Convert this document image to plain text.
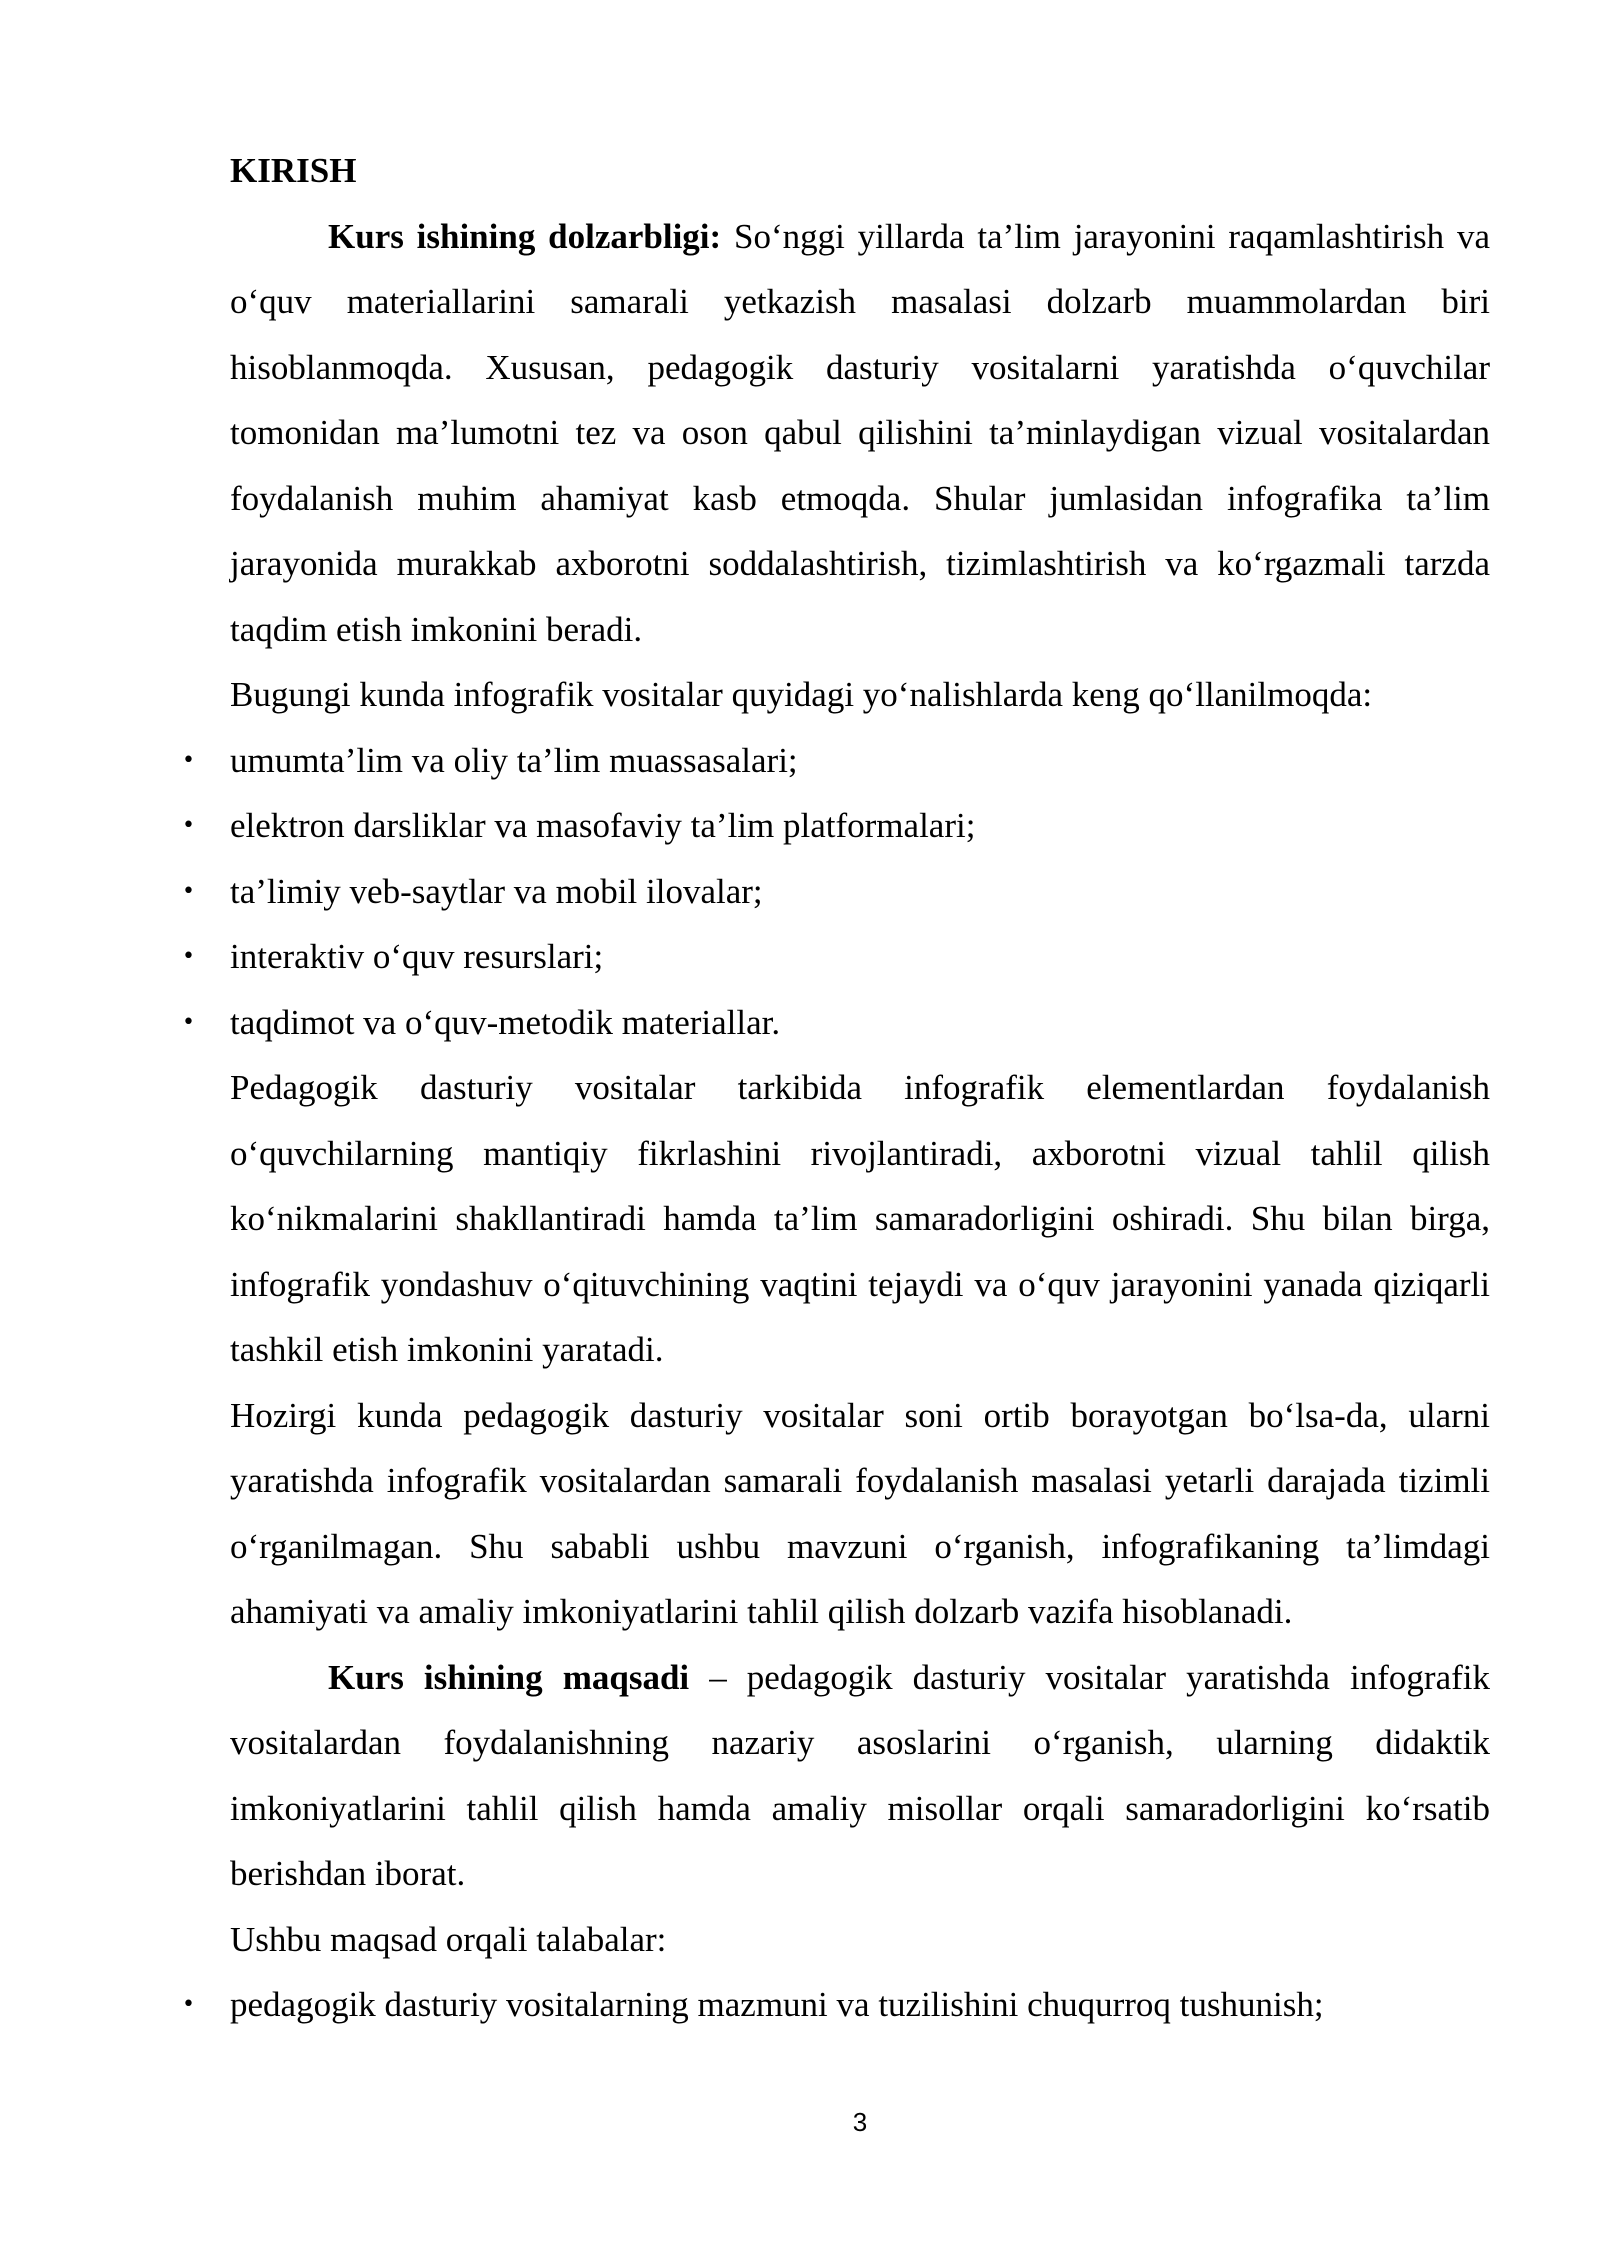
KIRISH

Kurs ishining dolzarbligi: So‘nggi yillarda ta’lim jarayonini raqamlashtirish va o‘quv materiallarini samarali yetkazish masalasi dolzarb muammolardan biri hisoblanmoqda. Xususan, pedagogik dasturiy vositalarni yaratishda o‘quvchilar tomonidan ma’lumotni tez va oson qabul qilishini ta’minlaydigan vizual vositalardan foydalanish muhim ahamiyat kasb etmoqda. Shular jumlasidan infografika ta’lim jarayonida murakkab axborotni soddalashtirish, tizimlashtirish va ko‘rgazmali tarzda taqdim etish imkonini beradi.

Bugungi kunda infografik vositalar quyidagi yo‘nalishlarda keng qo‘llanilmoqda:

• umumta’lim va oliy ta’lim muassasalari;
• elektron darsliklar va masofaviy ta’lim platformalari;
• ta’limiy veb-saytlar va mobil ilovalar;
• interaktiv o‘quv resurslari;
• taqdimot va o‘quv-metodik materiallar.

Pedagogik dasturiy vositalar tarkibida infografik elementlardan foydalanish o‘quvchilarning mantiqiy fikrlashini rivojlantiradi, axborotni vizual tahlil qilish ko‘nikmalarini shakllantiradi hamda ta’lim samaradorligini oshiradi. Shu bilan birga, infografik yondashuv o‘qituvchining vaqtini tejaydi va o‘quv jarayonini yanada qiziqarli tashkil etish imkonini yaratadi.

Hozirgi kunda pedagogik dasturiy vositalar soni ortib borayotgan bo‘lsa-da, ularni yaratishda infografik vositalardan samarali foydalanish masalasi yetarli darajada tizimli o‘rganilmagan. Shu sababli ushbu mavzuni o‘rganish, infografikaning ta’limdagi ahamiyati va amaliy imkoniyatlarini tahlil qilish dolzarb vazifa hisoblanadi.

Kurs ishining maqsadi – pedagogik dasturiy vositalar yaratishda infografik vositalardan foydalanishning nazariy asoslarini o‘rganish, ularning didaktik imkoniyatlarini tahlil qilish hamda amaliy misollar orqali samaradorligini ko‘rsatib berishdan iborat.

Ushbu maqsad orqali talabalar:

• pedagogik dasturiy vositalarning mazmuni va tuzilishini chuqurroq tushunish;
3
